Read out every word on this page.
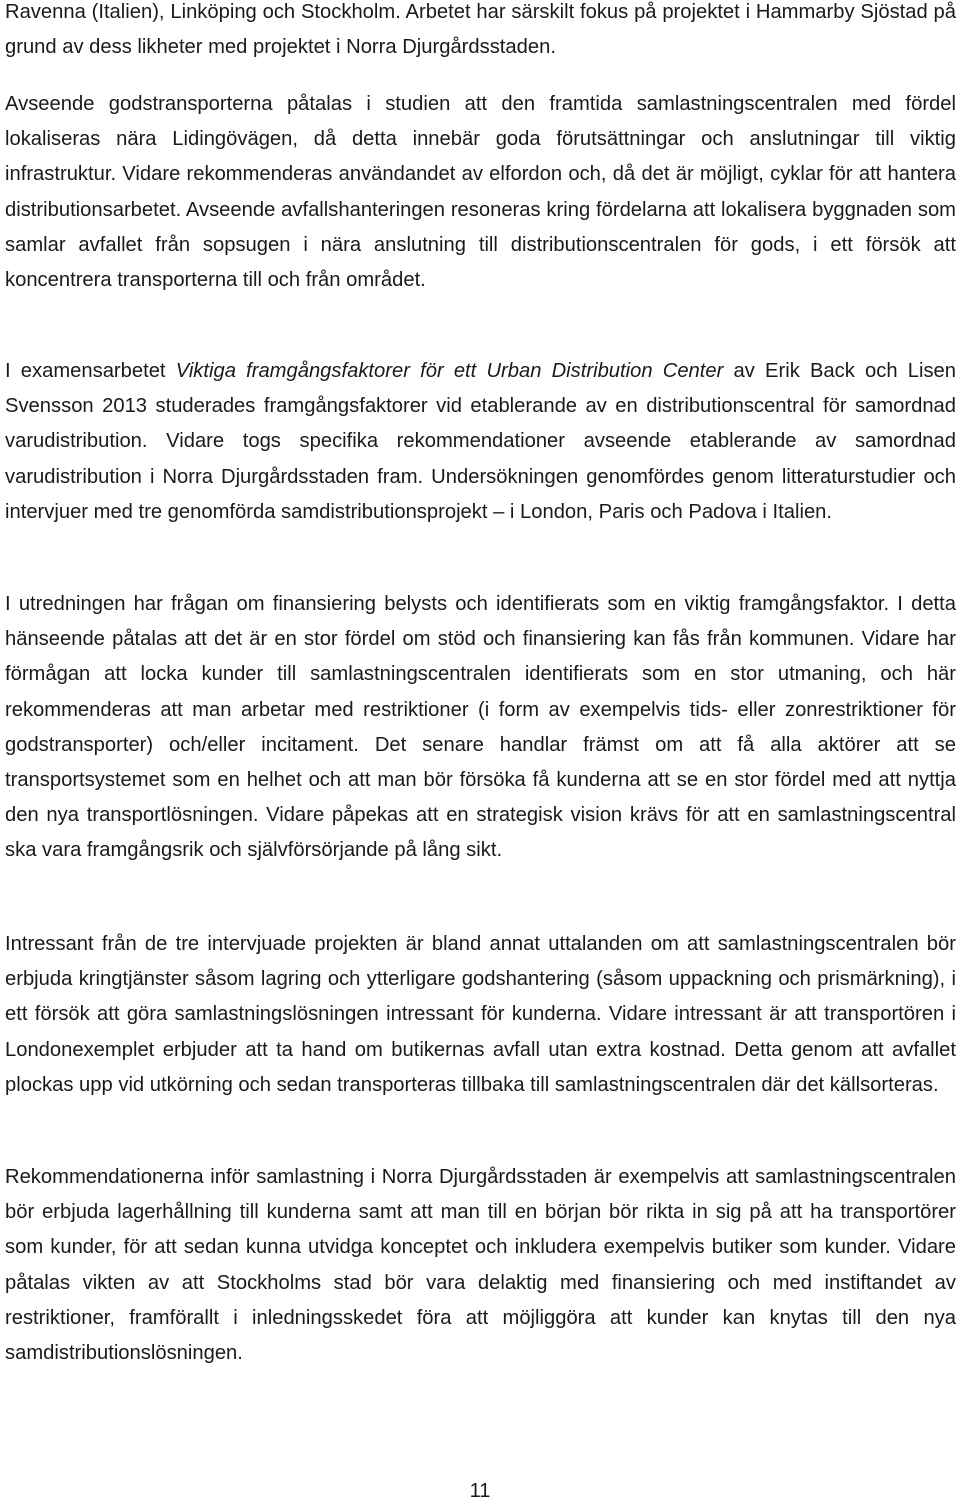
Ravenna (Italien), Linköping och Stockholm. Arbetet har särskilt fokus på projektet i Hammarby Sjöstad på grund av dess likheter med projektet i Norra Djurgårdsstaden.

Avseende godstransporterna påtalas i studien att den framtida samlastningscentralen med fördel lokaliseras nära Lidingövägen, då detta innebär goda förutsättningar och anslutningar till viktig infrastruktur. Vidare rekommenderas användandet av elfordon och, då det är möjligt, cyklar för att hantera distributionsarbetet. Avseende avfallshanteringen resoneras kring fördelarna att lokalisera byggnaden som samlar avfallet från sopsugen i nära anslutning till distributionscentralen för gods, i ett försök att koncentrera transporterna till och från området.

I examensarbetet Viktiga framgångsfaktorer för ett Urban Distribution Center av Erik Back och Lisen Svensson 2013 studerades framgångsfaktorer vid etablerande av en distributionscentral för samordnad varudistribution. Vidare togs specifika rekommendationer avseende etablerande av samordnad varudistribution i Norra Djurgårdsstaden fram. Undersökningen genomfördes genom litteraturstudier och intervjuer med tre genomförda samdistributionsprojekt – i London, Paris och Padova i Italien.

I utredningen har frågan om finansiering belysts och identifierats som en viktig framgångsfaktor. I detta hänseende påtalas att det är en stor fördel om stöd och finansiering kan fås från kommunen. Vidare har förmågan att locka kunder till samlastningscentralen identifierats som en stor utmaning, och här rekommenderas att man arbetar med restriktioner (i form av exempelvis tids- eller zonrestriktioner för godstransporter) och/eller incitament. Det senare handlar främst om att få alla aktörer att se transportsystemet som en helhet och att man bör försöka få kunderna att se en stor fördel med att nyttja den nya transportlösningen. Vidare påpekas att en strategisk vision krävs för att en samlastningscentral ska vara framgångsrik och självförsörjande på lång sikt.

Intressant från de tre intervjuade projekten är bland annat uttalanden om att samlastningscentralen bör erbjuda kringtjänster såsom lagring och ytterligare godshantering (såsom uppackning och prismärkning), i ett försök att göra samlastningslösningen intressant för kunderna. Vidare intressant är att transportören i Londonexemplet erbjuder att ta hand om butikernas avfall utan extra kostnad. Detta genom att avfallet plockas upp vid utkörning och sedan transporteras tillbaka till samlastningscentralen där det källsorteras.

Rekommendationerna inför samlastning i Norra Djurgårdsstaden är exempelvis att samlastningscentralen bör erbjuda lagerhållning till kunderna samt att man till en början bör rikta in sig på att ha transportörer som kunder, för att sedan kunna utvidga konceptet och inkludera exempelvis butiker som kunder. Vidare påtalas vikten av att Stockholms stad bör vara delaktig med finansiering och med instiftandet av restriktioner, framförallt i inledningsskedet föra att möjliggöra att kunder kan knytas till den nya samdistributionslösningen.

11
